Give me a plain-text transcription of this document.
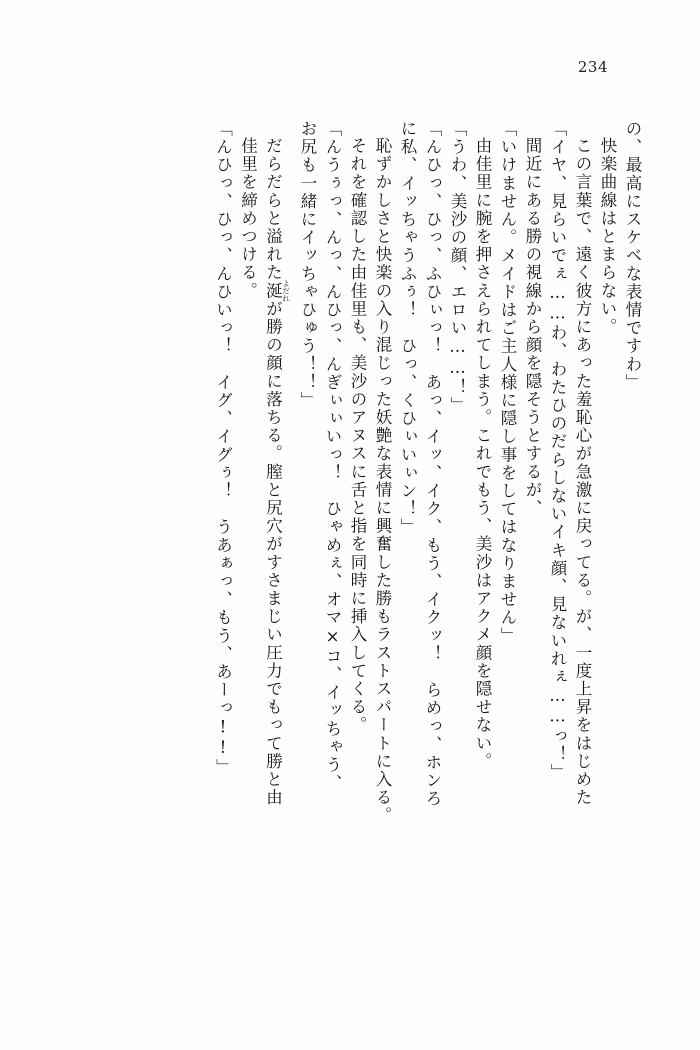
234
の、最高にスケベな表情ですわ」
快楽曲線はとまらない。
この言葉で、遠く彼方にあった羞恥心が急激に戻ってる。が、一度上昇をはじめた
「イヤ、見らいでぇ……わ、わたひのだらしないイキ顔、見ないれぇ……っ！」
間近にある勝の視線から顔を隠そうとするが、
「いけません。メイドはご主人様に隠し事をしてはなりません」
由佳里に腕を押さえられてしまう。これでもう、美沙はアクメ顔を隠せない。
「うわ、美沙の顔、エロい……！」
「んひっ、ひっ、ふひぃっ！　あっ、イッ、イク、もう、イクッ！　らめっ、ホンろ
に私、イッちゃうふぅ！　ひっ、くひぃいぃン！」
恥ずかしさと快楽の入り混じった妖艶な表情に興奮した勝もラストスパートに入る。
それを確認した由佳里も、美沙のアヌスに舌と指を同時に挿入してくる。
「んうぅっ、んっ、んひっ、んぎぃぃいっ！　ひゃめぇ、オマ×コ、イッちゃう、
お尻も一緒にイッちゃひゅう！！」
だらだらと溢れた涎 よだれが勝の顔に落ちる。膣と尻穴がすさまじい圧力でもって勝と由
佳里を締めつける。
「んひっ、ひっ、んひいっ！　イグ、イグぅ！　うあぁっ、もう、あーっ!!」
